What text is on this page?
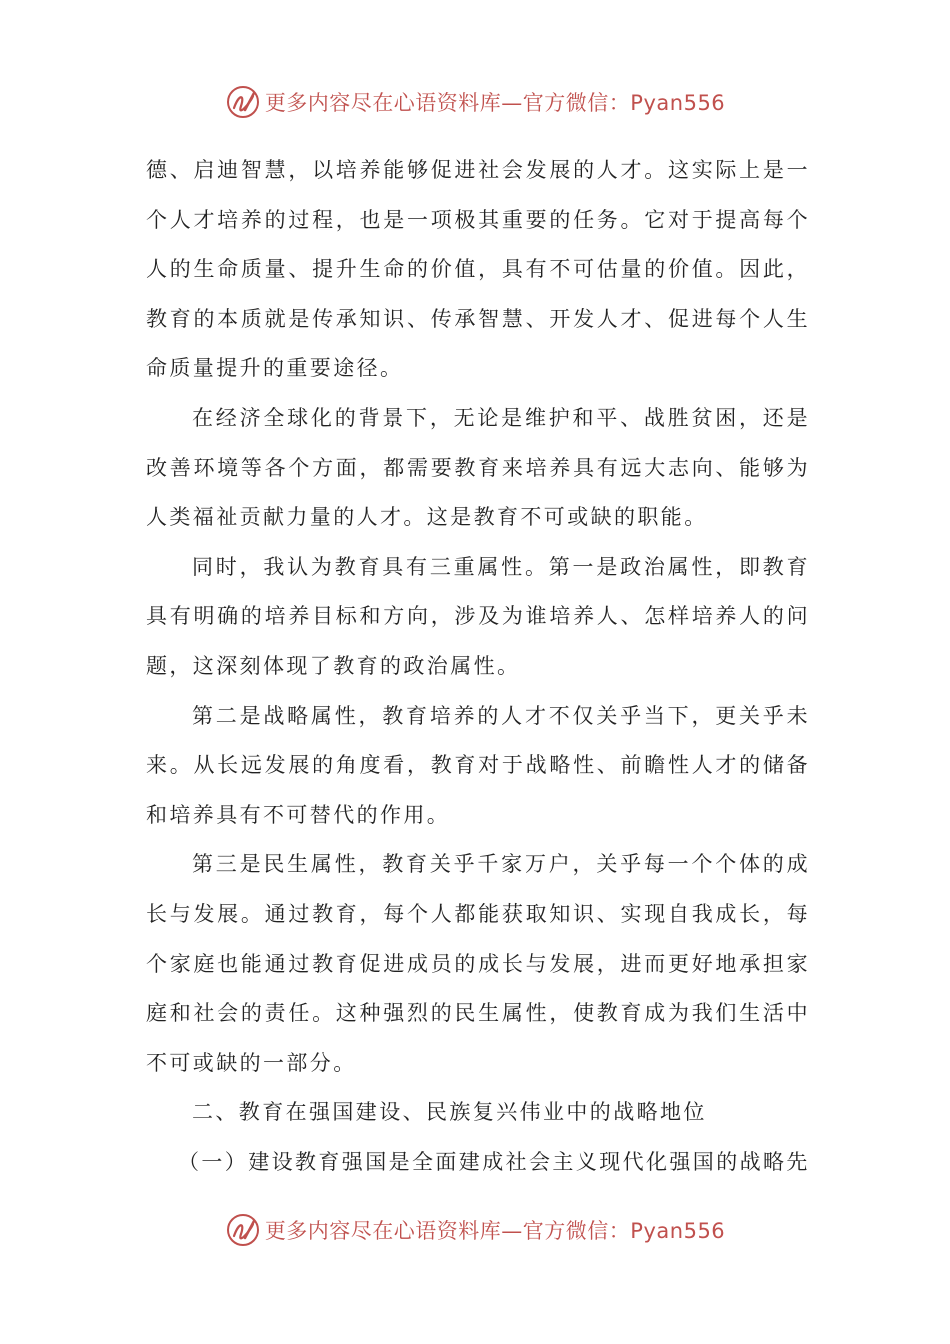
更多内容尽在心语资料库—官方微信：Pyan556

德、启迪智慧，以培养能够促进社会发展的人才。这实际上是一个人才培养的过程，也是一项极其重要的任务。它对于提高每个人的生命质量、提升生命的价值，具有不可估量的价值。因此，教育的本质就是传承知识、传承智慧、开发人才、促进每个人生命质量提升的重要途径。

在经济全球化的背景下，无论是维护和平、战胜贫困，还是改善环境等各个方面，都需要教育来培养具有远大志向、能够为人类福祉贡献力量的人才。这是教育不可或缺的职能。

同时，我认为教育具有三重属性。第一是政治属性，即教育具有明确的培养目标和方向，涉及为谁培养人、怎样培养人的问题，这深刻体现了教育的政治属性。

第二是战略属性，教育培养的人才不仅关乎当下，更关乎未来。从长远发展的角度看，教育对于战略性、前瞻性人才的储备和培养具有不可替代的作用。

第三是民生属性，教育关乎千家万户，关乎每一个个体的成长与发展。通过教育，每个人都能获取知识、实现自我成长，每个家庭也能通过教育促进成员的成长与发展，进而更好地承担家庭和社会的责任。这种强烈的民生属性，使教育成为我们生活中不可或缺的一部分。

二、教育在强国建设、民族复兴伟业中的战略地位

（一）建设教育强国是全面建成社会主义现代化强国的战略先

更多内容尽在心语资料库—官方微信：Pyan556
